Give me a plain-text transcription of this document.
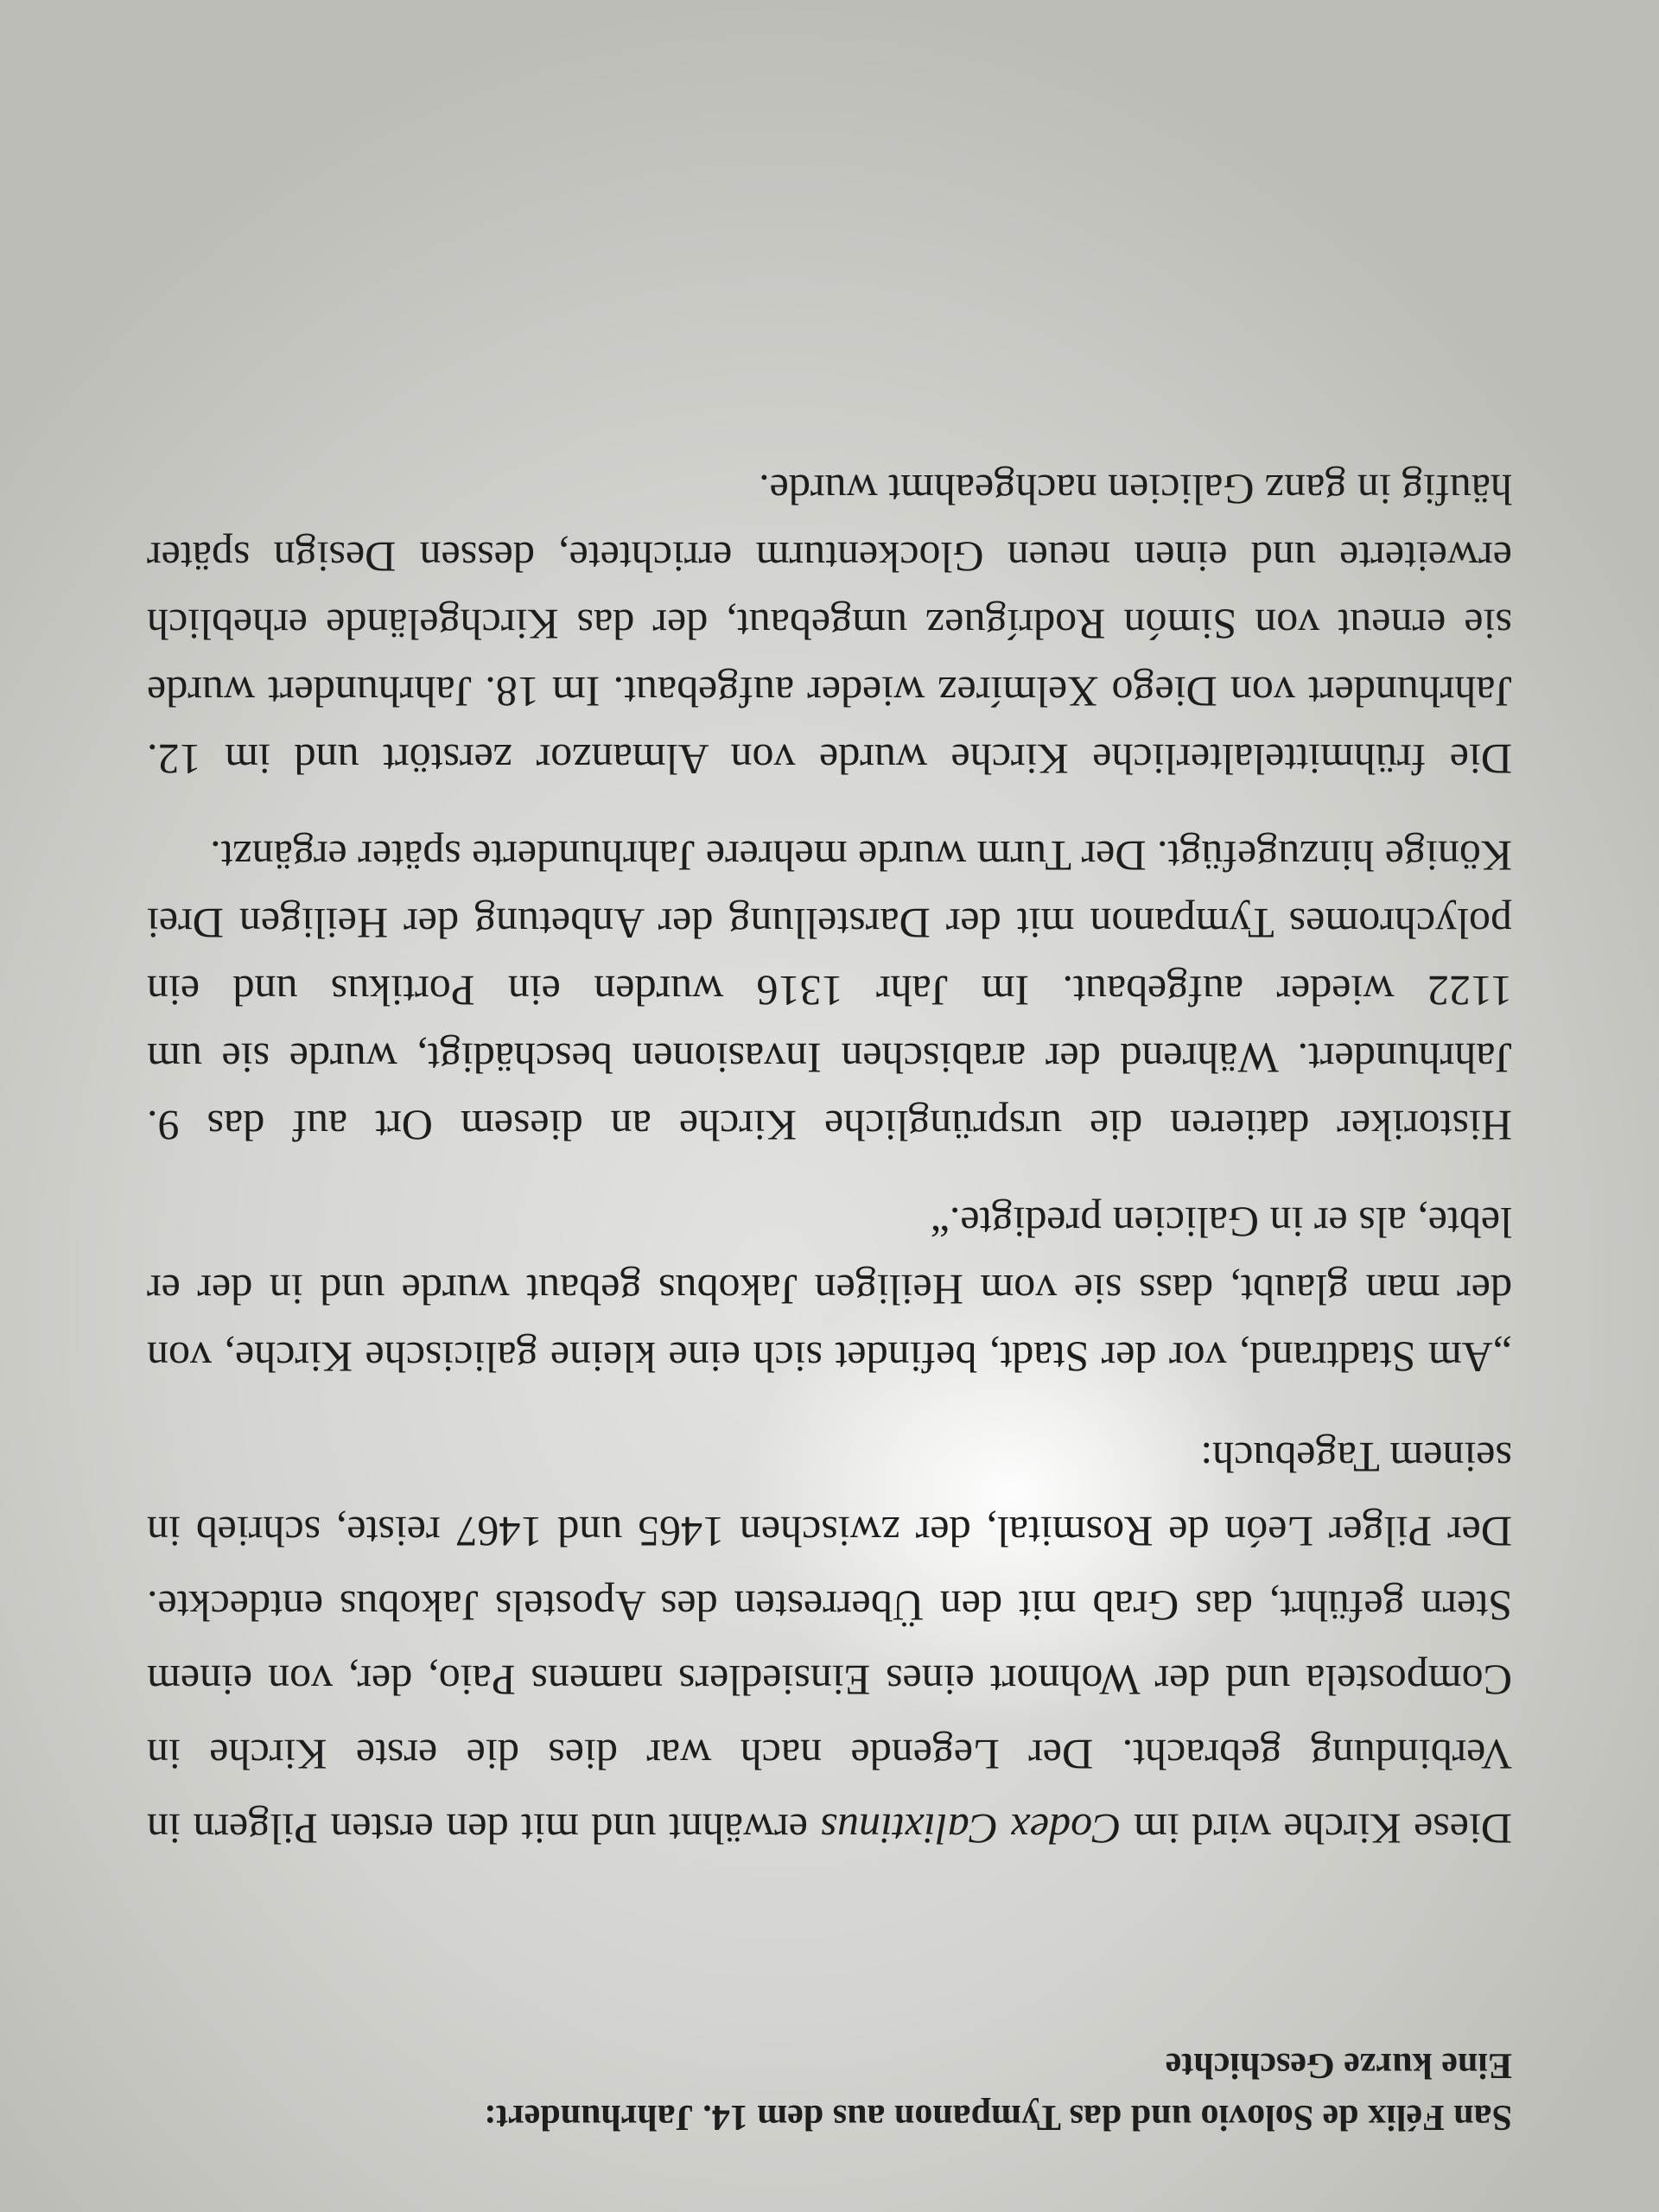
San Félix de Solovio und das Tympanon aus dem 14. Jahrhundert:
Eine kurze Geschichte

Diese Kirche wird im Codex Calixtinus erwähnt und mit den ersten Pilgern in Verbindung gebracht. Der Legende nach war dies die erste Kirche in Compostela und der Wohnort eines Einsiedlers namens Paio, der, von einem Stern geführt, das Grab mit den Überresten des Apostels Jakobus entdeckte. Der Pilger León de Rosmital, der zwischen 1465 und 1467 reiste, schrieb in seinem Tagebuch:

„Am Stadtrand, vor der Stadt, befindet sich eine kleine galicische Kirche, von der man glaubt, dass sie vom Heiligen Jakobus gebaut wurde und in der er lebte, als er in Galicien predigte.“

Historiker datieren die ursprüngliche Kirche an diesem Ort auf das 9. Jahrhundert. Während der arabischen Invasionen beschädigt, wurde sie um 1122 wieder aufgebaut. Im Jahr 1316 wurden ein Portikus und ein polychromes Tympanon mit der Darstellung der Anbetung der Heiligen Drei Könige hinzugefügt. Der Turm wurde mehrere Jahrhunderte später ergänzt.

Die frühmittelalterliche Kirche wurde von Almanzor zerstört und im 12. Jahrhundert von Diego Xelmírez wieder aufgebaut. Im 18. Jahrhundert wurde sie erneut von Simón Rodríguez umgebaut, der das Kirchgelände erheblich erweiterte und einen neuen Glockenturm errichtete, dessen Design später häufig in ganz Galicien nachgeahmt wurde.
